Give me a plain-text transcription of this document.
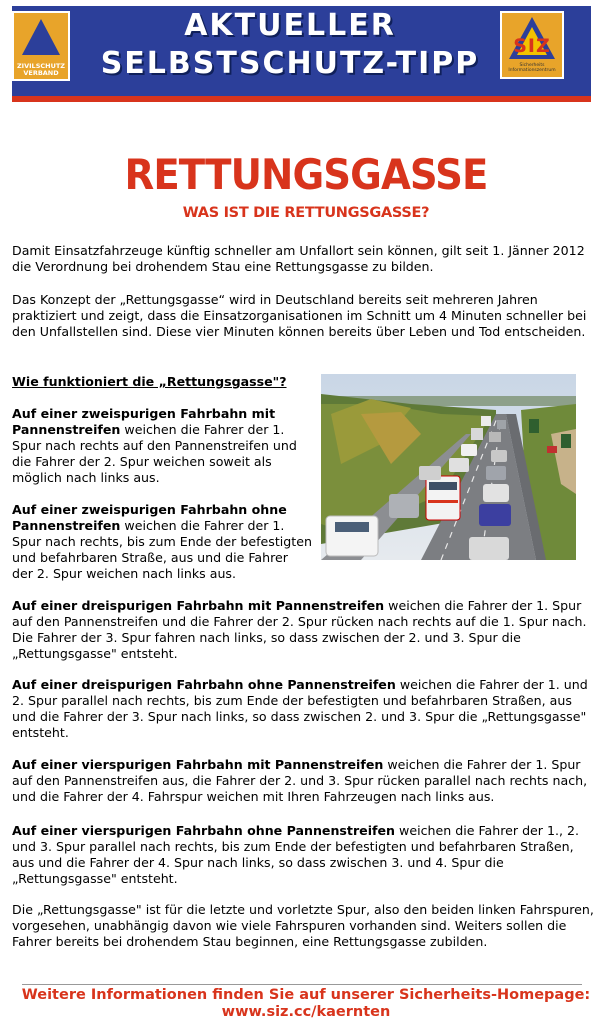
ZIVILSCHUTZ
VERBAND
AKTUELLER
SELBSTSCHUTZ-TIPP	SIZ
Sicherheits
Informationszentrum
RETTUNGSGASSE
WAS IST DIE RETTUNGSGASSE?

Damit Einsatzfahrzeuge künftig schneller am Unfallort sein können, gilt seit 1. Jänner 2012 die Verordnung bei drohendem Stau eine Rettungsgasse zu bilden.

Das Konzept der „Rettungsgasse“ wird in Deutschland bereits seit mehreren Jahren praktiziert und zeigt, dass die Einsatzorganisationen im Schnitt um 4 Minuten schneller bei den Unfallstellen sind. Diese vier Minuten können bereits über Leben und Tod entscheiden.

Wie funktioniert die „Rettungsgasse"?

Auf einer zweispurigen Fahrbahn mit Pannenstreifen weichen die Fahrer der 1. Spur nach rechts auf den Pannenstreifen und die Fahrer der 2. Spur weichen soweit als möglich nach links aus.

Auf einer zweispurigen Fahrbahn ohne Pannenstreifen weichen die Fahrer der 1. Spur nach rechts, bis zum Ende der befestigten und befahrbaren Straße, aus und die Fahrer der 2. Spur weichen nach links aus.

Auf einer dreispurigen Fahrbahn mit Pannenstreifen weichen die Fahrer der 1. Spur auf den Pannenstreifen und die Fahrer der 2. Spur rücken nach rechts auf die 1. Spur nach. Die Fahrer der 3. Spur fahren nach links, so dass zwischen der 2. und 3. Spur die „Rettungsgasse" entsteht.

Auf einer dreispurigen Fahrbahn ohne Pannenstreifen weichen die Fahrer der 1. und 2. Spur parallel nach rechts, bis zum Ende der befestigten und befahrbaren Straßen, aus und die Fahrer der 3. Spur nach links, so dass zwischen 2. und 3. Spur die „Rettungsgasse" entsteht.

Auf einer vierspurigen Fahrbahn mit Pannenstreifen weichen die Fahrer der 1. Spur auf den Pannenstreifen aus, die Fahrer der 2. und 3. Spur rücken parallel nach rechts nach, und die Fahrer der 4. Fahrspur weichen mit Ihren Fahrzeugen nach links aus.

Auf einer vierspurigen Fahrbahn ohne Pannenstreifen weichen die Fahrer der 1., 2. und 3. Spur parallel nach rechts, bis zum Ende der befestigten und befahrbaren Straßen, aus und die Fahrer der 4. Spur nach links, so dass zwischen 3. und 4. Spur die „Rettungsgasse" entsteht.

Die „Rettungsgasse" ist für die letzte und vorletzte Spur, also den beiden linken Fahrspuren, vorgesehen, unabhängig davon wie viele Fahrspuren vorhanden sind. Weiters sollen die Fahrer bereits bei drohendem Stau beginnen, eine Rettungsgasse zubilden.

Weitere Informationen finden Sie auf unserer Sicherheits-Homepage:
www.siz.cc/kaernten
